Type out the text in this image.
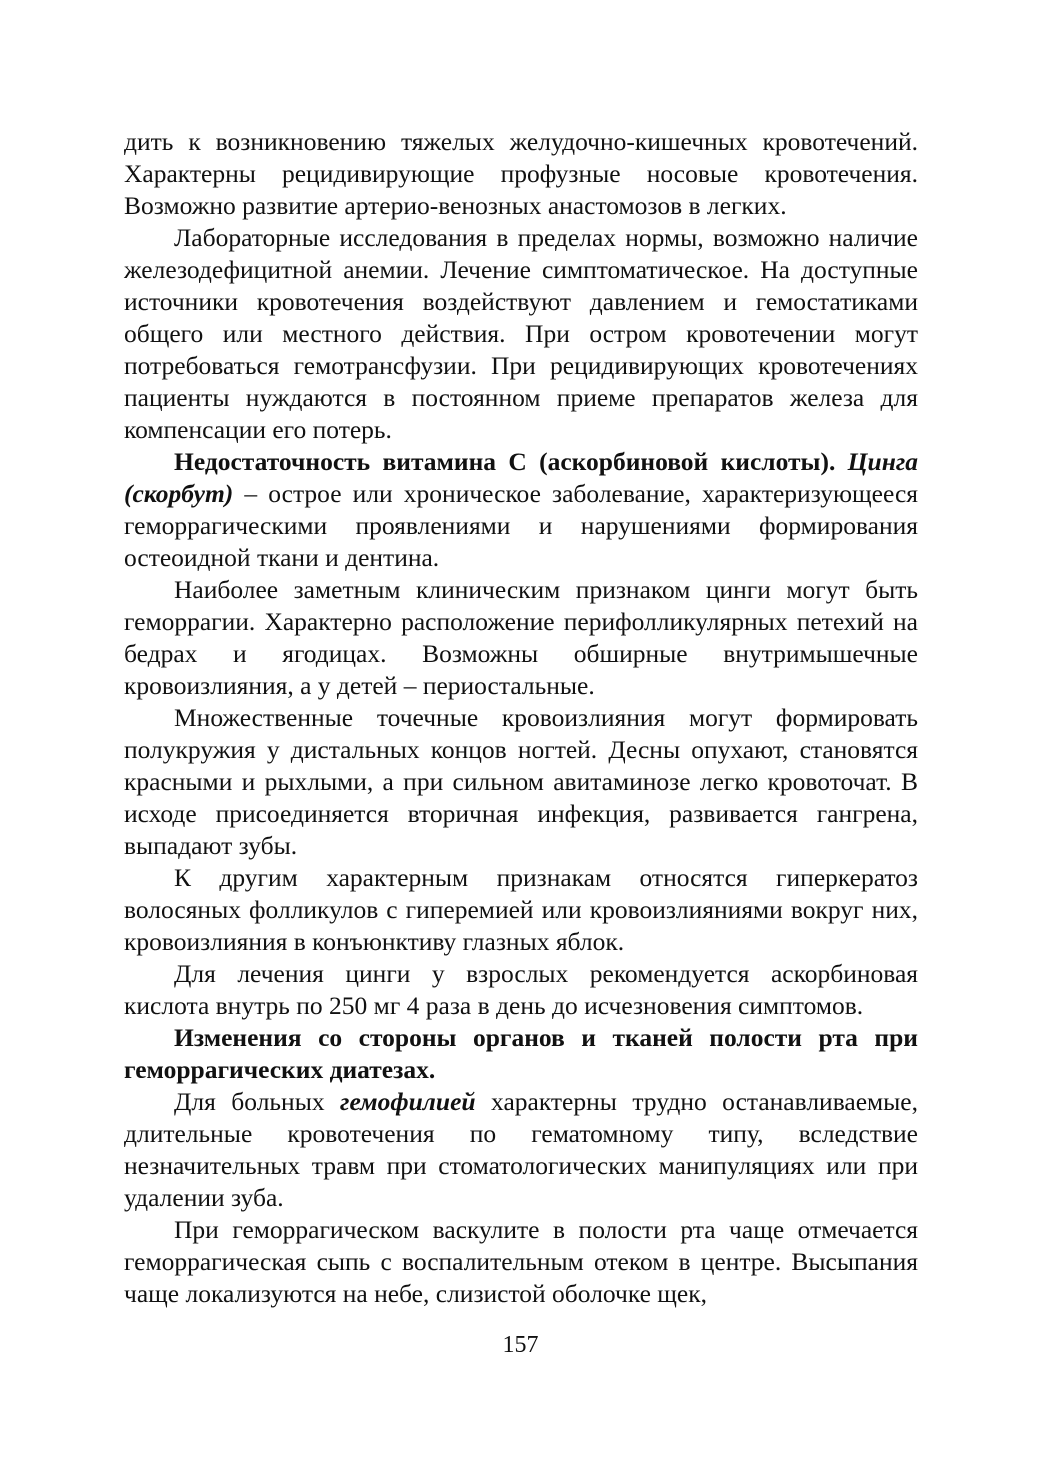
дить к возникновению тяжелых желудочно-кишечных кровотечений. Характерны рецидивирующие профузные носовые кровотечения. Возможно развитие артерио-венозных анастомозов в легких.

Лабораторные исследования в пределах нормы, возможно наличие железодефицитной анемии. Лечение симптоматическое. На доступные источники кровотечения воздействуют давлением и гемостатиками общего или местного действия. При остром кровотечении могут потребоваться гемотрансфузии. При рецидивирующих кровотечениях пациенты нуждаются в постоянном приеме препаратов железа для компенсации его потерь.

Недостаточность витамина С (аскорбиновой кислоты). Цинга (скорбут) – острое или хроническое заболевание, характеризующееся геморрагическими проявлениями и нарушениями формирования остеоидной ткани и дентина.

Наиболее заметным клиническим признаком цинги могут быть геморрагии. Характерно расположение перифолликулярных петехий на бедрах и ягодицах. Возможны обширные внутримышечные кровоизлияния, а у детей – периостальные.

Множественные точечные кровоизлияния могут формировать полукружия у дистальных концов ногтей. Десны опухают, становятся красными и рыхлыми, а при сильном авитаминозе легко кровоточат. В исходе присоединяется вторичная инфекция, развивается гангрена, выпадают зубы.

К другим характерным признакам относятся гиперкератоз волосяных фолликулов с гиперемией или кровоизлияниями вокруг них, кровоизлияния в конъюнктиву глазных яблок.

Для лечения цинги у взрослых рекомендуется аскорбиновая кислота внутрь по 250 мг 4 раза в день до исчезновения симптомов.

Изменения со стороны органов и тканей полости рта при геморрагических диатезах.

Для больных гемофилией характерны трудно останавливаемые, длительные кровотечения по гематомному типу, вследствие незначительных травм при стоматологических манипуляциях или при удалении зуба.

При геморрагическом васкулите в полости рта чаще отмечается геморрагическая сыпь с воспалительным отеком в центре. Высыпания чаще локализуются на небе, слизистой оболочке щек,

157
